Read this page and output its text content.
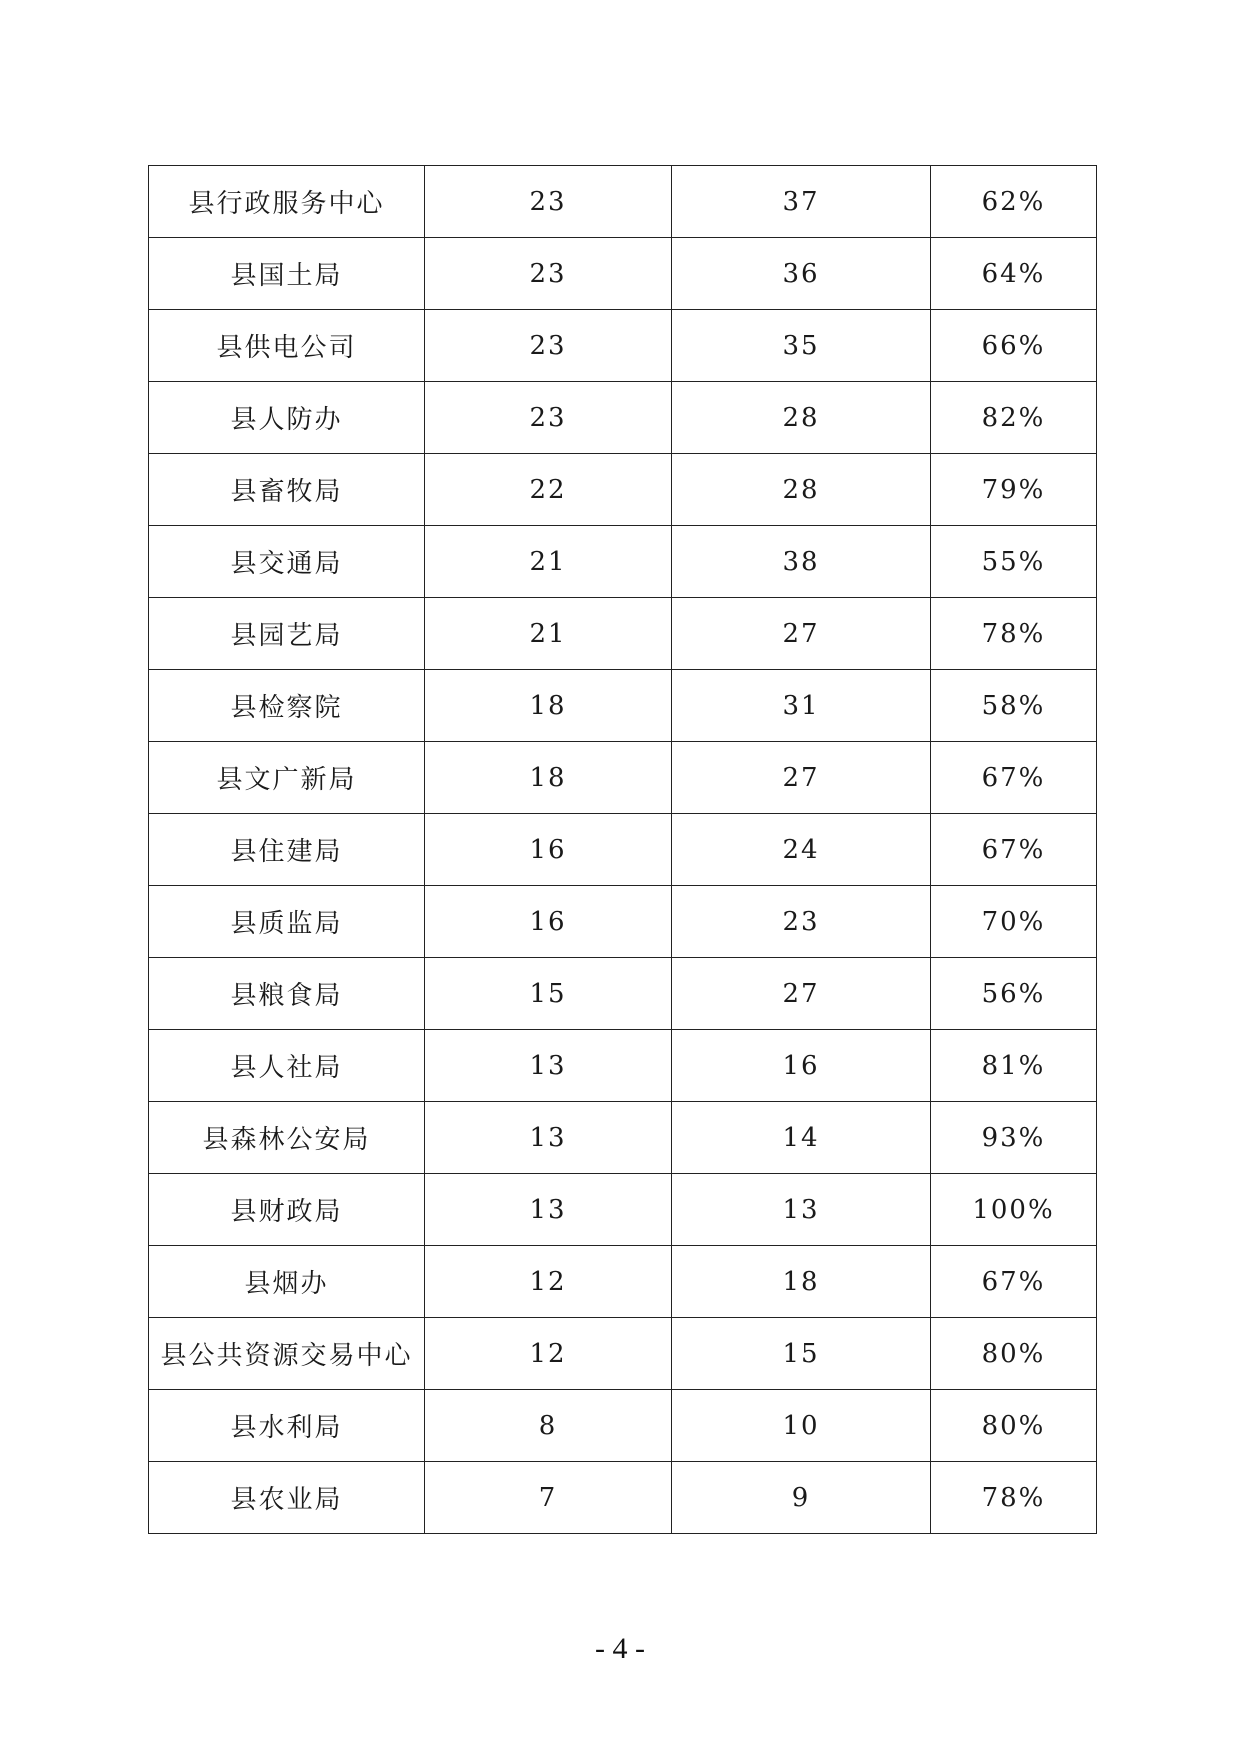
县行政服务中心	23	37	62%
县国土局	23	36	64%
县供电公司	23	35	66%
县人防办	23	28	82%
县畜牧局	22	28	79%
县交通局	21	38	55%
县园艺局	21	27	78%
县检察院	18	31	58%
县文广新局	18	27	67%
县住建局	16	24	67%
县质监局	16	23	70%
县粮食局	15	27	56%
县人社局	13	16	81%
县森林公安局	13	14	93%
县财政局	13	13	100%
县烟办	12	18	67%
县公共资源交易中心	12	15	80%
县水利局	8	10	80%
县农业局	7	9	78%
- 4 -
